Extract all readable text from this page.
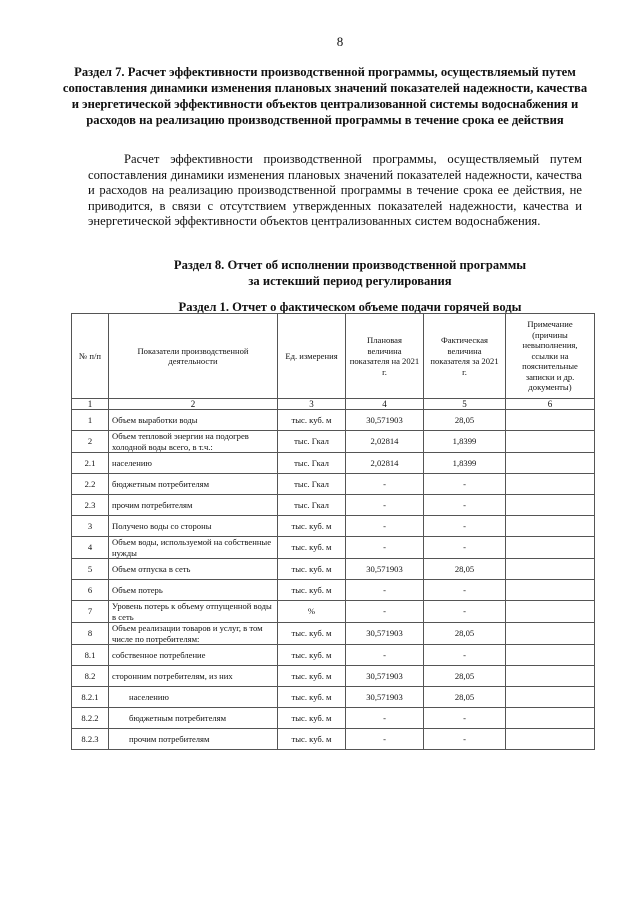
8
Раздел 7. Расчет эффективности производственной программы, осуществляемый путем сопоставления динамики изменения плановых значений показателей надежности, качества и энергетической эффективности объектов централизованной системы водоснабжения и расходов на реализацию производственной программы в течение срока ее действия
Расчет эффективности производственной программы, осуществляемый путем сопоставления динамики изменения плановых значений показателей надежности, качества и расходов на реализацию производственной программы в течение срока ее действия, не приводится, в связи с отсутствием утвержденных показателей надежности, качества и энергетической эффективности объектов централизованных систем водоснабжения.
Раздел 8. Отчет об исполнении производственной программы
за истекший период регулирования
Раздел 1. Отчет о фактическом объеме подачи горячей воды
№ п/п	Показатели производственной деятельности	Ед. измерения	Плановая величина показателя на 2021 г.	Фактическая величина показателя за 2021 г.	Примечание (причины невыполнения, ссылки на пояснительные записки и др. документы)
1	2	3	4	5	6
1	Объем выработки воды	тыс. куб. м	30,571903	28,05	
2	Объем тепловой энергии на подогрев холодной воды всего, в т.ч.:	тыс. Гкал	2,02814	1,8399	
2.1	населению	тыс. Гкал	2,02814	1,8399	
2.2	бюджетным потребителям	тыс. Гкал	-	-	
2.3	прочим потребителям	тыс. Гкал	-	-	
3	Получено воды со стороны	тыс. куб. м	-	-	
4	Объем воды, используемой на собственные нужды	тыс. куб. м	-	-	
5	Объем отпуска в сеть	тыс. куб. м	30,571903	28,05	
6	Объем потерь	тыс. куб. м	-	-	
7	Уровень потерь к объему отпущенной воды в сеть	%	-	-	
8	Объем реализации товаров и услуг, в том числе по потребителям:	тыс. куб. м	30,571903	28,05	
8.1	собственное потребление	тыс. куб. м	-	-	
8.2	сторонним потребителям, из них	тыс. куб. м	30,571903	28,05	
8.2.1	населению	тыс. куб. м	30,571903	28,05	
8.2.2	бюджетным потребителям	тыс. куб. м	-	-	
8.2.3	прочим потребителям	тыс. куб. м	-	-	
